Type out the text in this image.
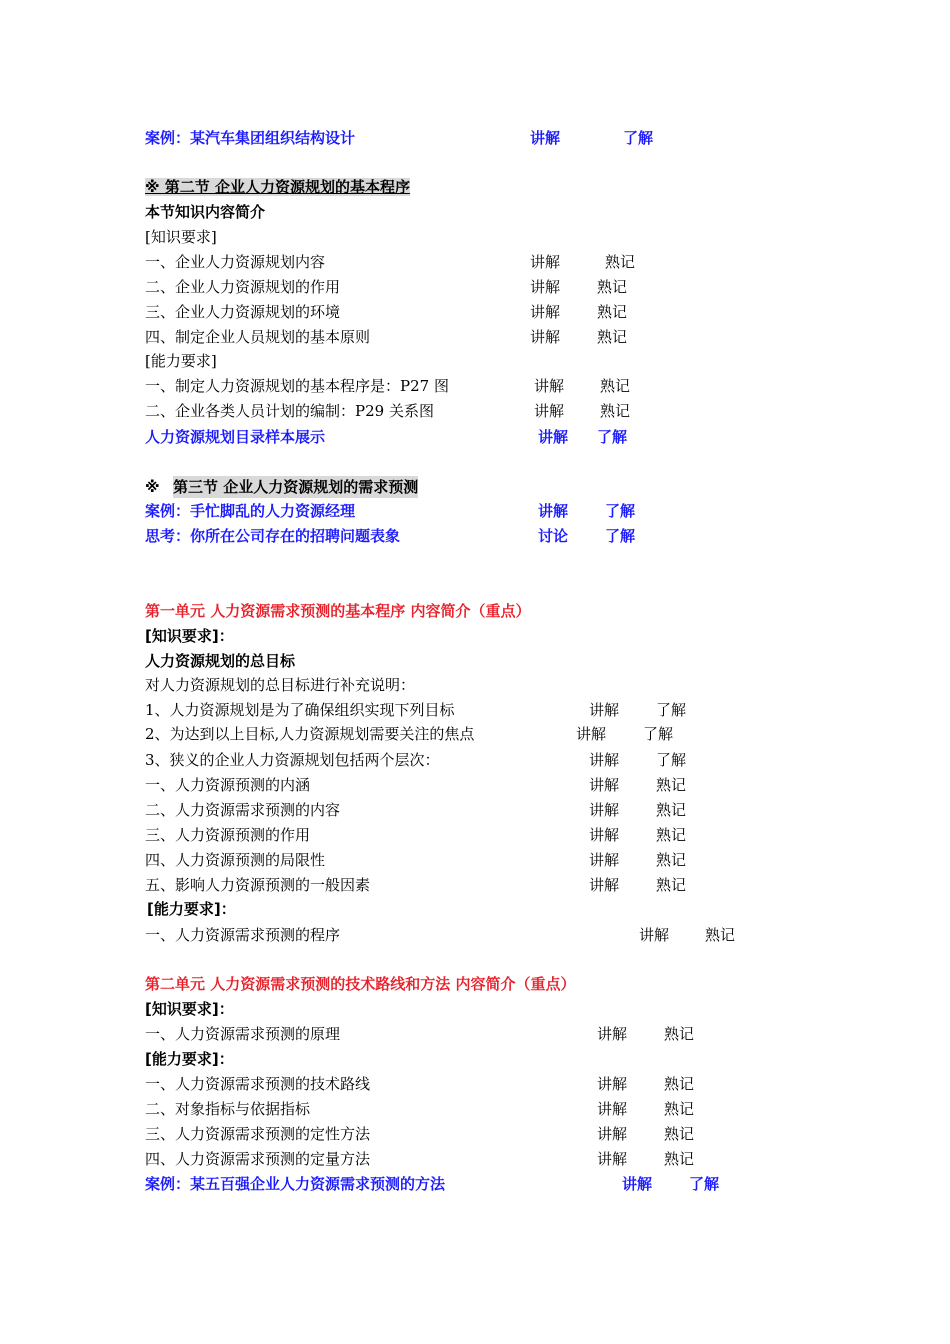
案例：某汽车集团组织结构设计	讲解	了解
※ 第二节 企业人力资源规划的基本程序
本节知识内容简介
[知识要求]
一、企业人力资源规划内容	讲解	熟记
二、企业人力资源规划的作用	讲解 熟记
三、企业人力资源规划的环境	讲解 熟记
四、制定企业人员规划的基本原则	讲解 熟记
[能力要求]
一、制定人力资源规划的基本程序是：P27 图	讲解 熟记
二、企业各类人员计划的编制：P29 关系图	讲解 熟记
人力资源规划目录样本展示	讲解 了解
※ 第三节 企业人力资源规划的需求预测
案例：手忙脚乱的人力资源经理	讲解 了解
思考：你所在公司存在的招聘问题表象	讨论 了解
第一单元 人力资源需求预测的基本程序 内容简介（重点）
[知识要求]：
人力资源规划的总目标
对人力资源规划的总目标进行补充说明：
1、人力资源规划是为了确保组织实现下列目标	讲解 了解
2、为达到以上目标,人力资源规划需要关注的焦点	讲解 了解
3、狭义的企业人力资源规划包括两个层次：	讲解 了解
一、人力资源预测的内涵	讲解 熟记
二、人力资源需求预测的内容	讲解 熟记
三、人力资源预测的作用	讲解 熟记
四、人力资源预测的局限性	讲解 熟记
五、影响人力资源预测的一般因素	讲解 熟记
[能力要求]：
一、人力资源需求预测的程序	讲解 熟记
第二单元 人力资源需求预测的技术路线和方法 内容简介（重点）
[知识要求]：
一、人力资源需求预测的原理	讲解 熟记
[能力要求]：
一、人力资源需求预测的技术路线	讲解 熟记
二、对象指标与依据指标	讲解 熟记
三、人力资源需求预测的定性方法	讲解 熟记
四、人力资源需求预测的定量方法	讲解 熟记
案例：某五百强企业人力资源需求预测的方法	讲解 了解
